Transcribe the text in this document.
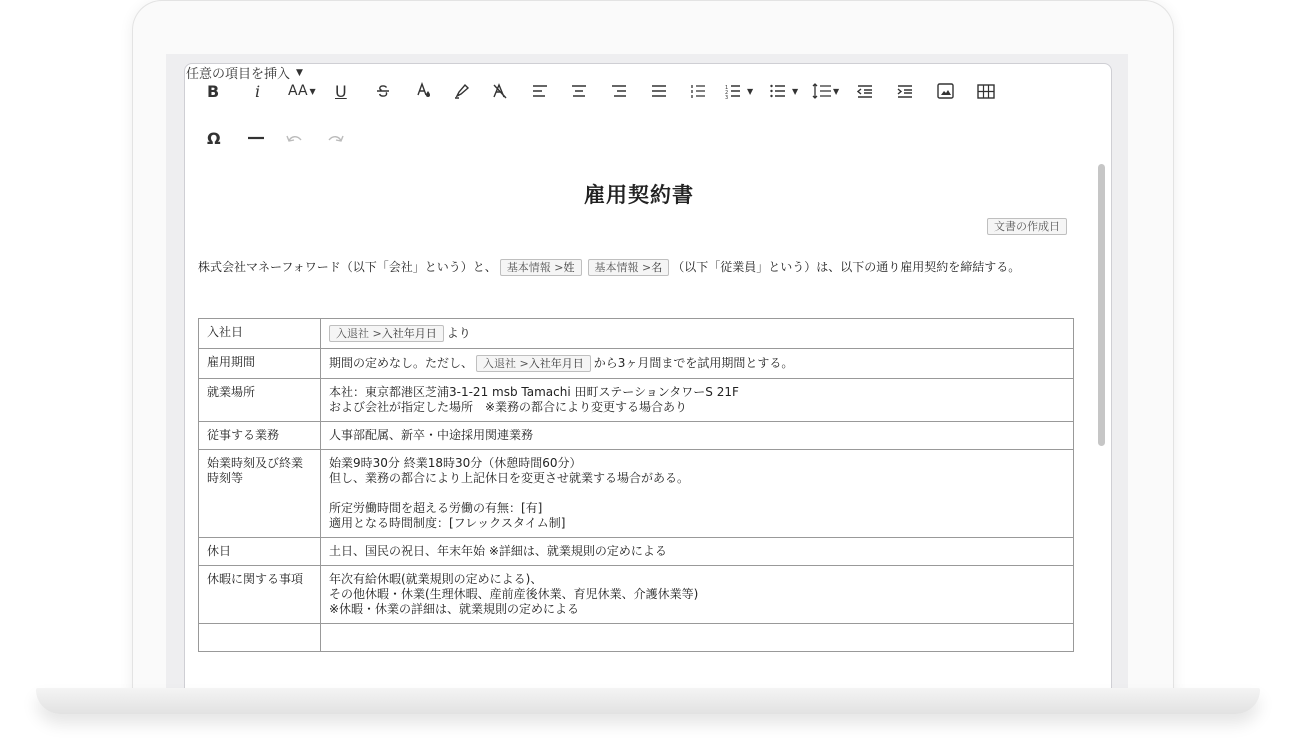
B i AA ▼ U	1
2
3
▼	▼	▼
Ω
任意の項目を挿入 ▼
雇用契約書
文書の作成日
株式会社マネーフォワード（以下「会社」という）と、 基本情報 >姓 基本情報 >名 （以下「従業員」という）は、以下の通り雇用契約を締結する。
入社日	入退社 >入社年月日 より
雇用期間	期間の定めなし。ただし、 入退社 >入社年月日 から3ヶ月間までを試用期間とする。
就業場所	本社：東京都港区芝浦3-1-21 msb Tamachi 田町ステーションタワーS 21F
および会社が指定した場所　※業務の都合により変更する場合あり

従事する業務	人事部配属、新卒・中途採用関連業務
始業時刻及び終業時刻等	始業9時30分 終業18時30分（休憩時間60分）
但し、業務の都合により上記休日を変更させ就業する場合がある。
所定労働時間を超える労働の有無：[有]
適用となる時間制度：[フレックスタイム制]

休日	土日、国民の祝日、年末年始 ※詳細は、就業規則の定めによる
休暇に関する事項	年次有給休暇(就業規則の定めによる)、
その他休暇・休業(生理休暇、産前産後休業、育児休業、介護休業等)
※休暇・休業の詳細は、就業規則の定めによる
